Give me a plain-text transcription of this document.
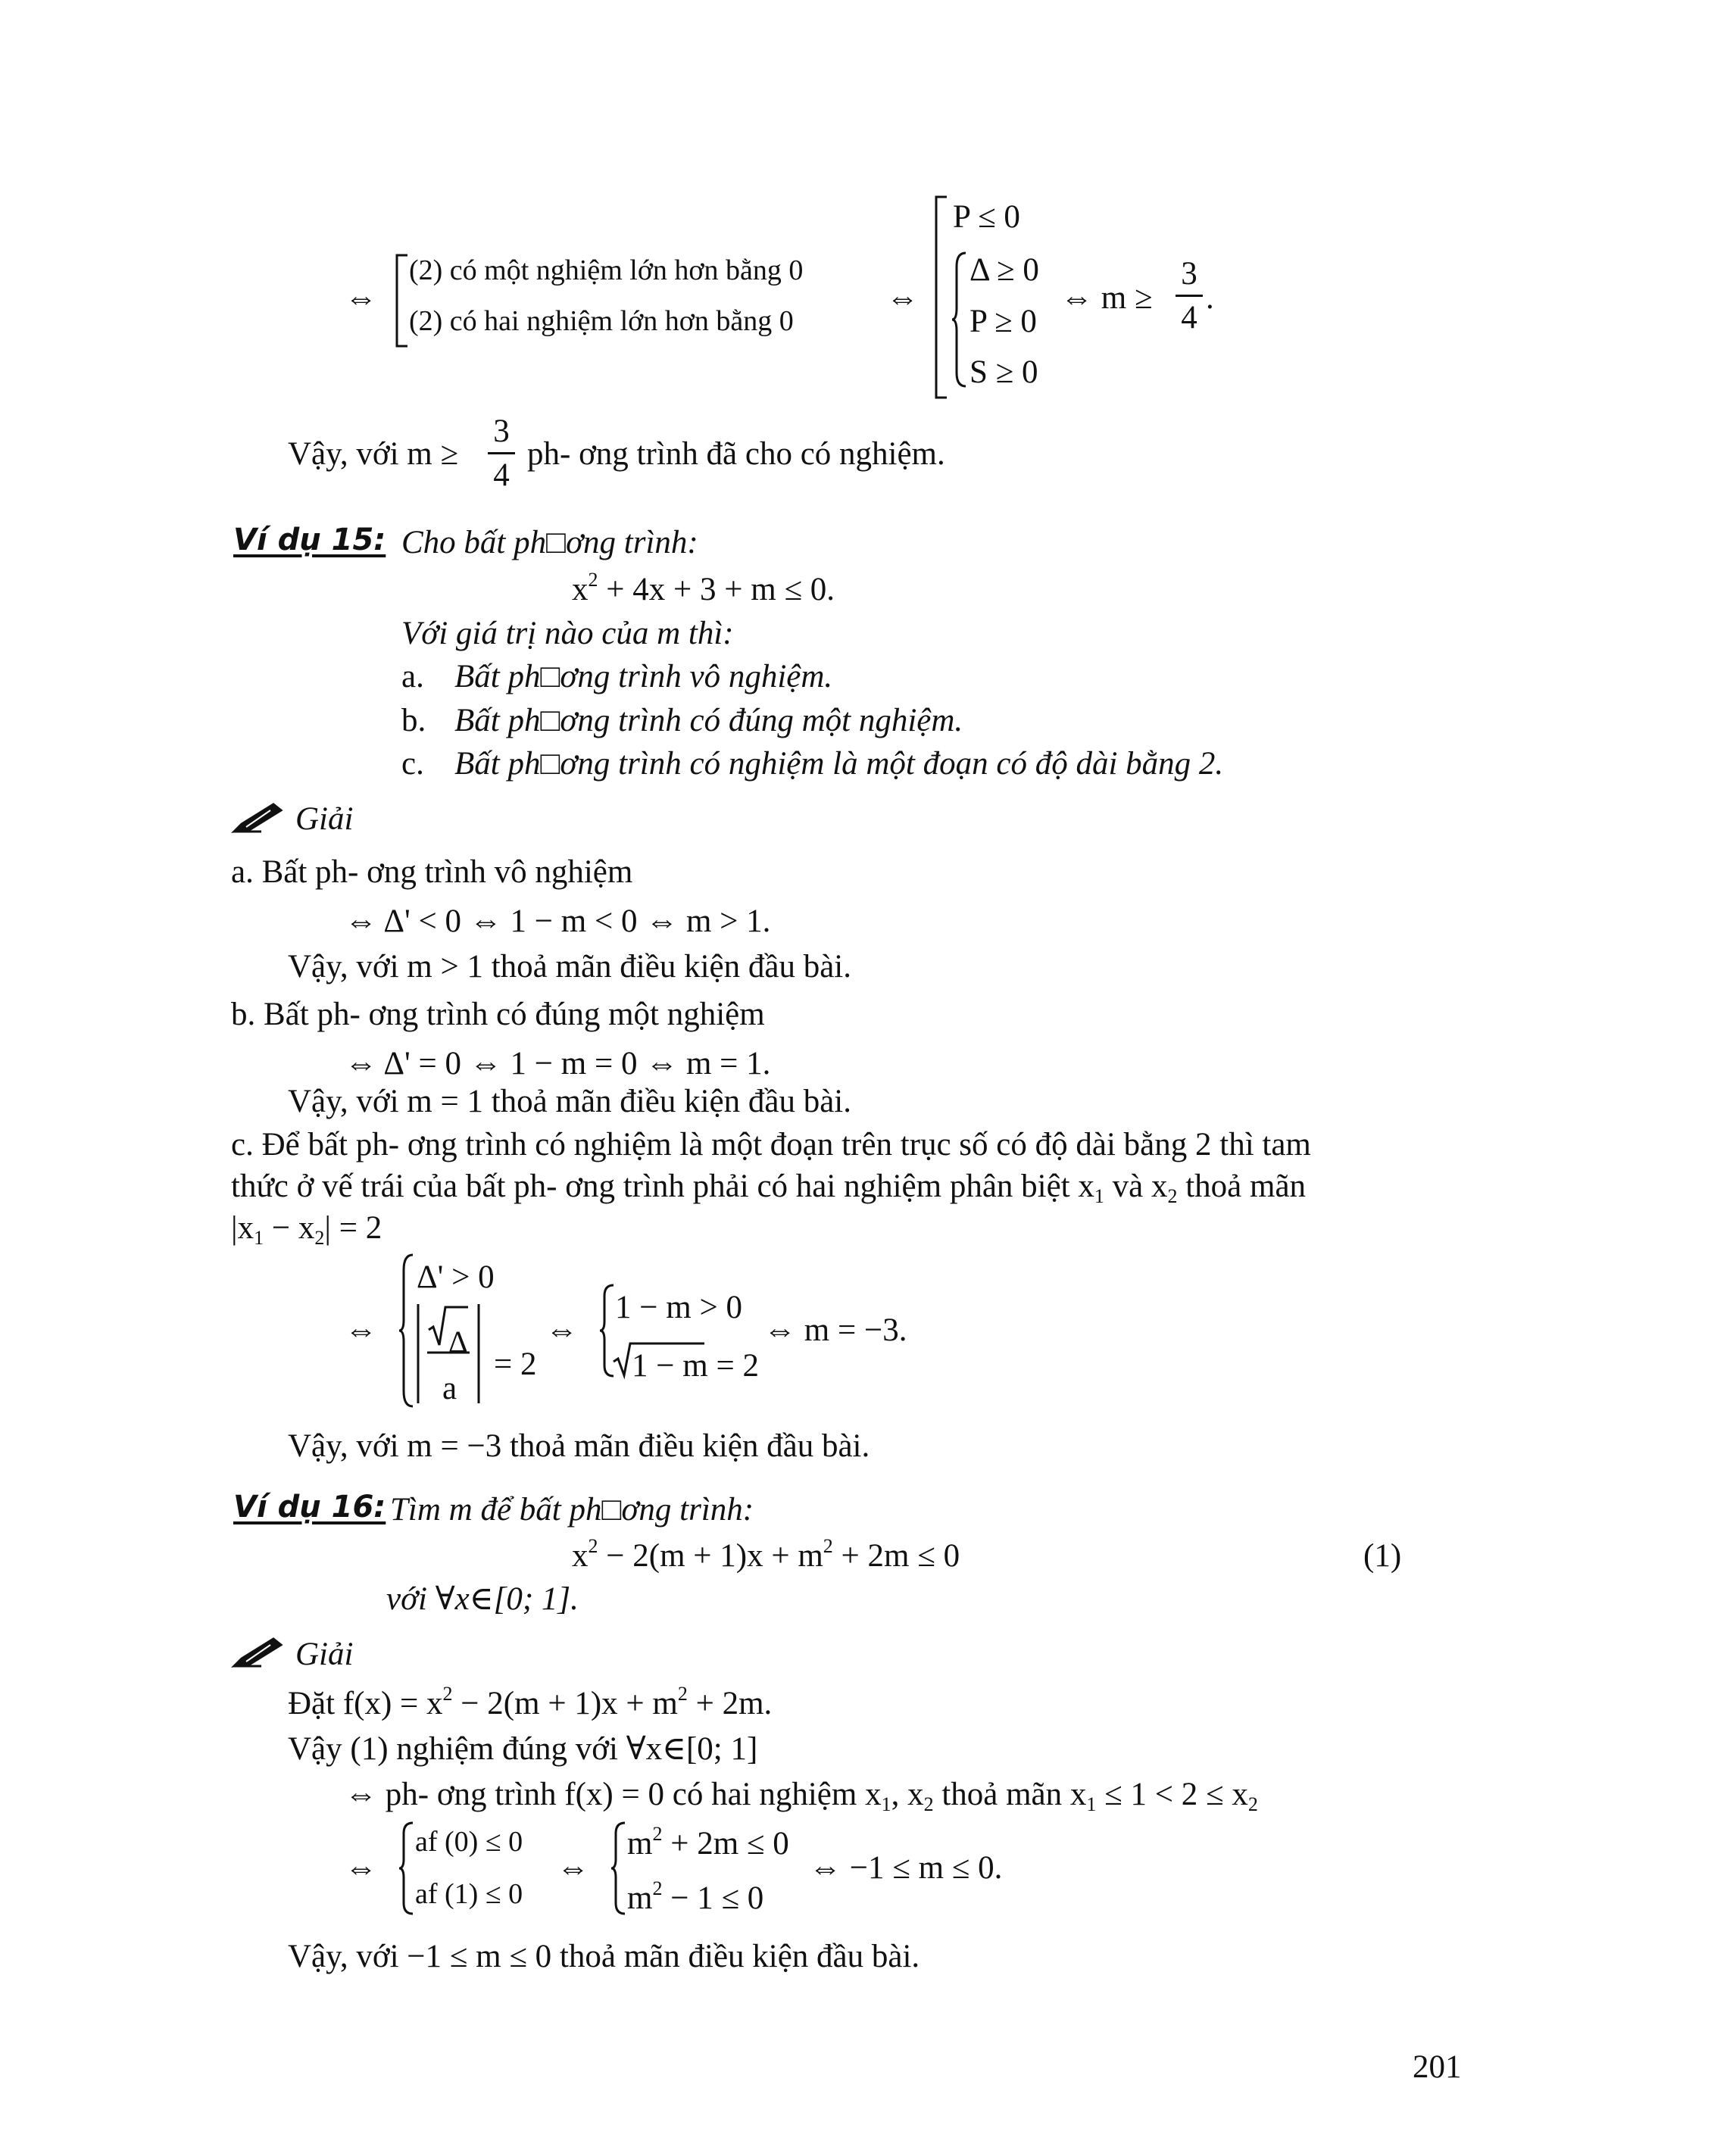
⇔
(2) có một nghiệm lớn hơn bằng 0
(2) có hai nghiệm lớn hơn bằng 0
⇔
P ≤ 0
Δ ≥ 0
P ≥ 0
S ≥ 0
⇔ m ≥
3
4
.
Vậy, với m ≥
3
4
ph- ơng trình đã cho có nghiệm.
Ví dụ 15: Cho bất ph□ơng trình:
$x^2 + 4x + 3 + m \le 0$.
Với giá trị nào của m thì:
a. Bất ph□ơng trình vô nghiệm.
b. Bất ph□ơng trình có đúng một nghiệm.
c. Bất ph□ơng trình có nghiệm là một đoạn có độ dài bằng 2.
Giải
a. Bất ph- ơng trình vô nghiệm
⇔ Δ' < 0 ⇔ 1 − m < 0 ⇔ m > 1.
Vậy, với m > 1 thoả mãn điều kiện đầu bài.
b. Bất ph- ơng trình có đúng một nghiệm
⇔ Δ' = 0 ⇔ 1 − m = 0 ⇔ m = 1.
Vậy, với m = 1 thoả mãn điều kiện đầu bài.
c. Để bất ph- ơng trình có nghiệm là một đoạn trên trục số có độ dài bằng 2 thì tam
thức ở vế trái của bất ph- ơng trình phải có hai nghiệm phân biệt $x_1$ và $x_2$ thoả mãn
$|x_1 - x_2| = 2$
⇔
Δ' > 0
Δ
a
= 2
⇔
1 − m > 0
1 − m = 2
⇔ m = −3.
Vậy, với m = −3 thoả mãn điều kiện đầu bài.
Ví dụ 16: Tìm m để bất ph□ơng trình:
$x^2 - 2(m + 1)x + m^2 + 2m \le 0$	(1)
với ∀x∈[0; 1].
Giải
Đặt $f(x) = x^2 - 2(m + 1)x + m^2 + 2m$.
Vậy (1) nghiệm đúng với ∀x∈[0; 1]
⇔ ph- ơng trình f(x) = 0 có hai nghiệm $x_1$, $x_2$ thoả mãn $x_1 \le 1 < 2 \le x_2$
⇔
af (0) ≤ 0
af (1) ≤ 0
⇔
$m^2 + 2m \le 0$
$m^2 - 1 \le 0$
⇔ −1 ≤ m ≤ 0.
Vậy, với −1 ≤ m ≤ 0 thoả mãn điều kiện đầu bài.
201
